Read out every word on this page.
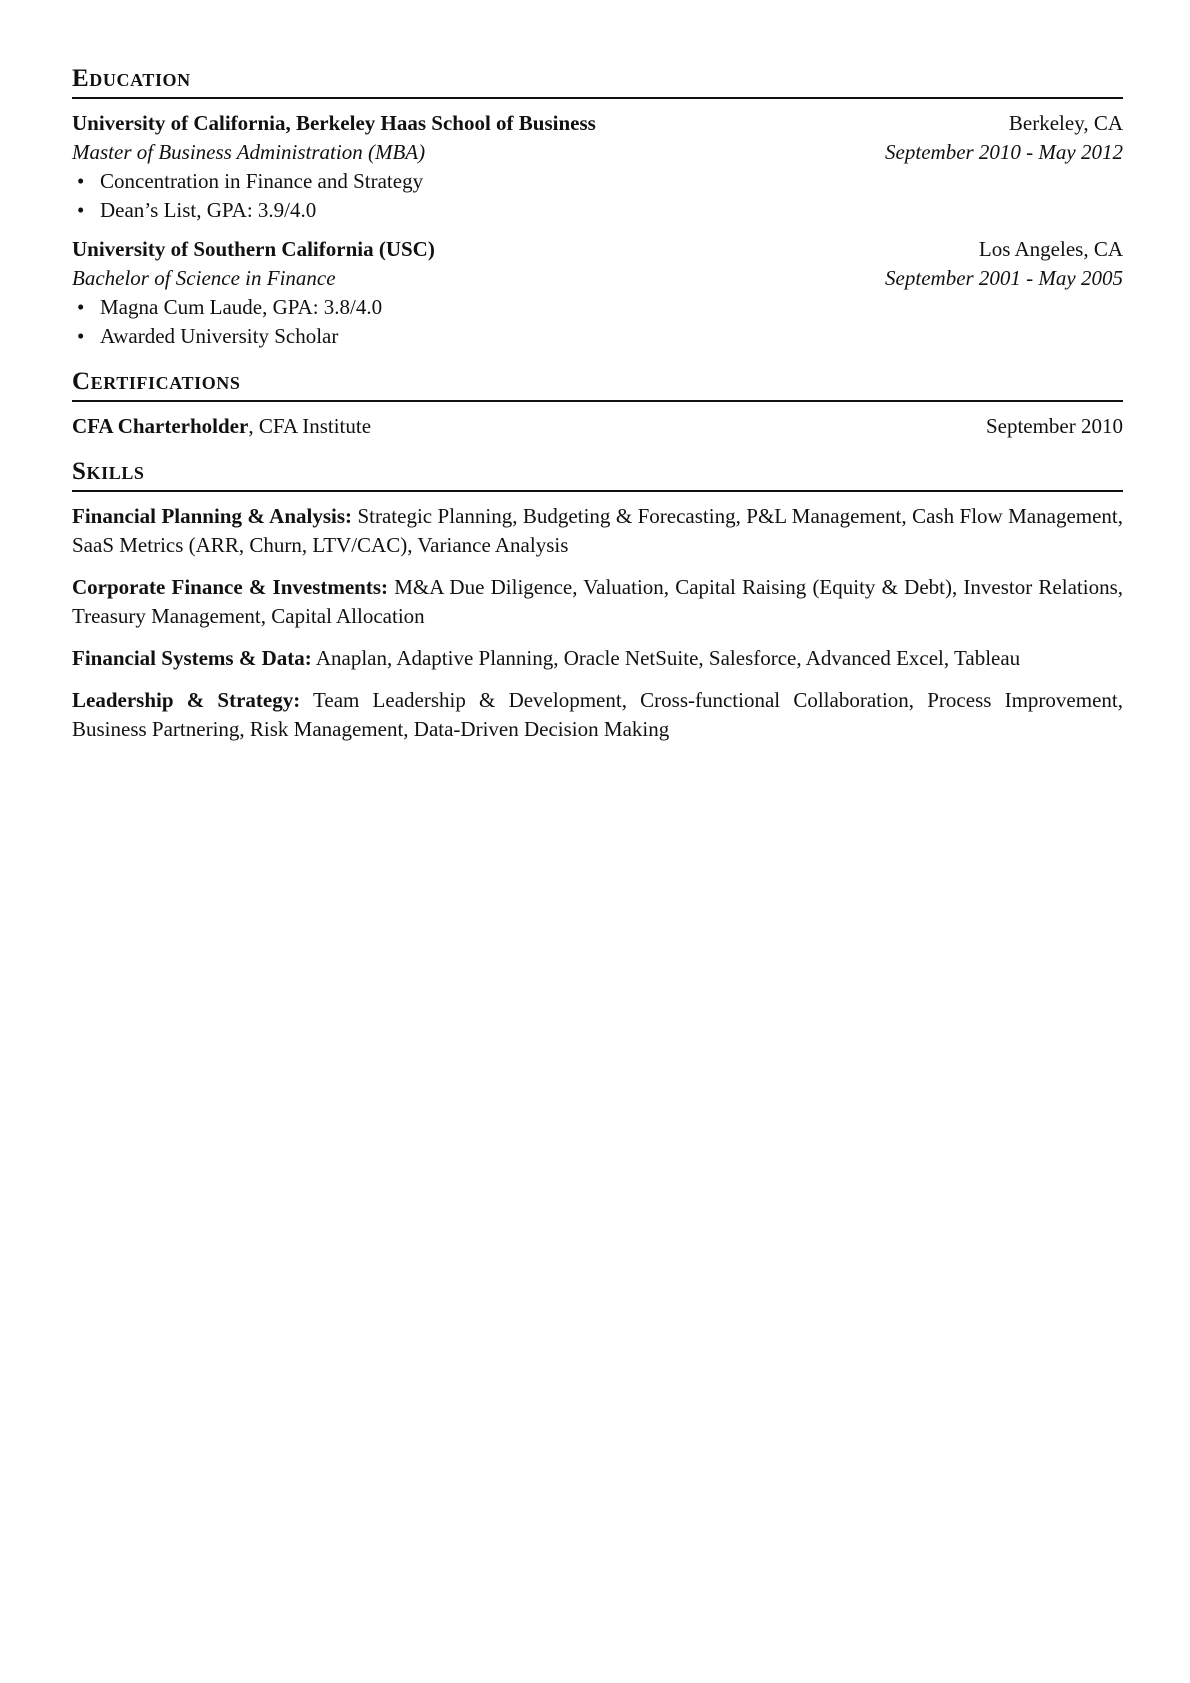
Education
University of California, Berkeley Haas School of Business	Berkeley, CA
Master of Business Administration (MBA)	September 2010 - May 2012
• Concentration in Finance and Strategy
• Dean’s List, GPA: 3.9/4.0
University of Southern California (USC)	Los Angeles, CA
Bachelor of Science in Finance	September 2001 - May 2005
• Magna Cum Laude, GPA: 3.8/4.0
• Awarded University Scholar
Certifications
CFA Charterholder, CFA Institute	September 2010
Skills
Financial Planning & Analysis: Strategic Planning, Budgeting & Forecasting, P&L Management, Cash Flow Management, SaaS Metrics (ARR, Churn, LTV/CAC), Variance Analysis
Corporate Finance & Investments: M&A Due Diligence, Valuation, Capital Raising (Equity & Debt), Investor Relations, Treasury Management, Capital Allocation
Financial Systems & Data: Anaplan, Adaptive Planning, Oracle NetSuite, Salesforce, Advanced Excel, Tableau
Leadership & Strategy: Team Leadership & Development, Cross-functional Collaboration, Process Improvement, Business Partnering, Risk Management, Data-Driven Decision Making
